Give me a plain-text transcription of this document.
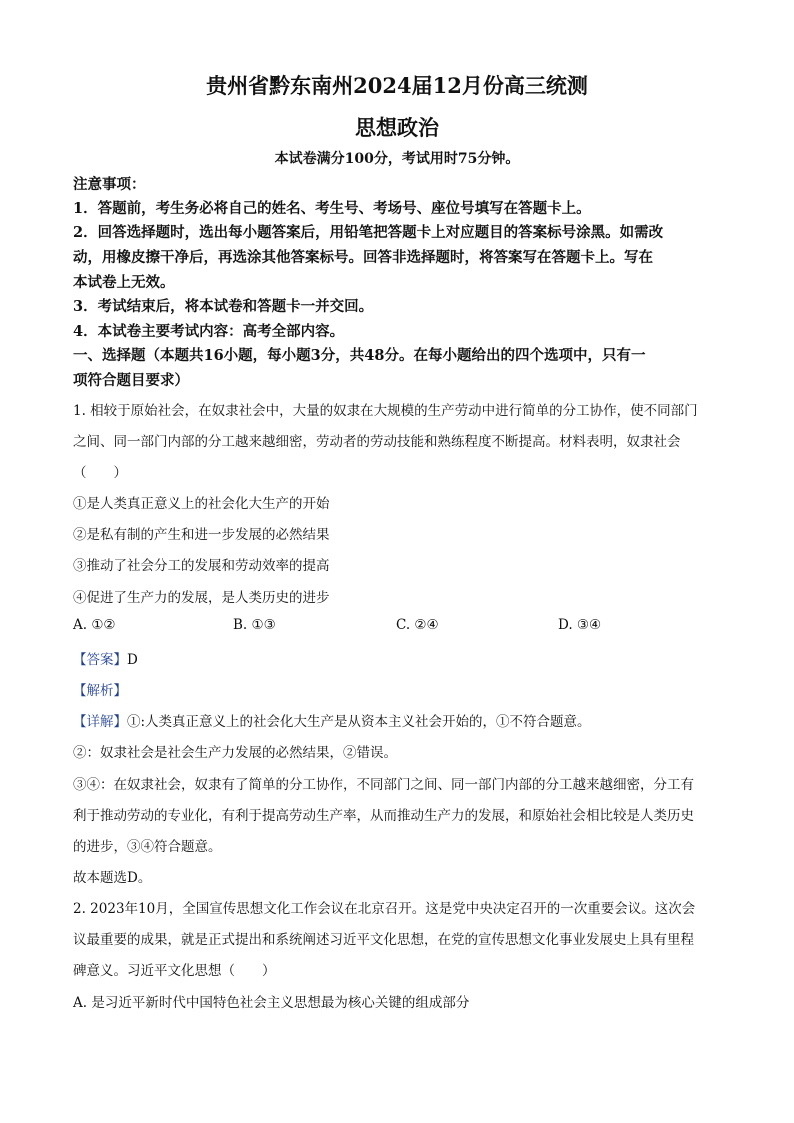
贵州省黔东南州2024届12月份高三统测
思想政治
本试卷满分100分，考试用时75分钟。
注意事项：
1．答题前，考生务必将自己的姓名、考生号、考场号、座位号填写在答题卡上。
2．回答选择题时，选出每小题答案后，用铅笔把答题卡上对应题目的答案标号涂黑。如需改
动，用橡皮擦干净后，再选涂其他答案标号。回答非选择题时，将答案写在答题卡上。写在
本试卷上无效。
3．考试结束后，将本试卷和答题卡一并交回。
4．本试卷主要考试内容：高考全部内容。
一、选择题（本题共16小题，每小题3分，共48分。在每小题给出的四个选项中，只有一
项符合题目要求）
1. 相较于原始社会，在奴隶社会中，大量的奴隶在大规模的生产劳动中进行简单的分工协作，使不同部门
之间、同一部门内部的分工越来越细密，劳动者的劳动技能和熟练程度不断提高。材料表明，奴隶社会
（　　）
①是人类真正意义上的社会化大生产的开始
②是私有制的产生和进一步发展的必然结果
③推动了社会分工的发展和劳动效率的提高
④促进了生产力的发展，是人类历史的进步
A. ①②	B. ①③	C. ②④	D. ③④
【答案】D
【解析】
【详解】①:人类真正意义上的社会化大生产是从资本主义社会开始的，①不符合题意。
②：奴隶社会是社会生产力发展的必然结果，②错误。
③④：在奴隶社会，奴隶有了简单的分工协作，不同部门之间、同一部门内部的分工越来越细密，分工有
利于推动劳动的专业化，有利于提高劳动生产率，从而推动生产力的发展，和原始社会相比较是人类历史
的进步，③④符合题意。
故本题选D。
2. 2023年10月，全国宣传思想文化工作会议在北京召开。这是党中央决定召开的一次重要会议。这次会
议最重要的成果，就是正式提出和系统阐述习近平文化思想，在党的宣传思想文化事业发展史上具有里程
碑意义。习近平文化思想（　　）
A. 是习近平新时代中国特色社会主义思想最为核心关键的组成部分
